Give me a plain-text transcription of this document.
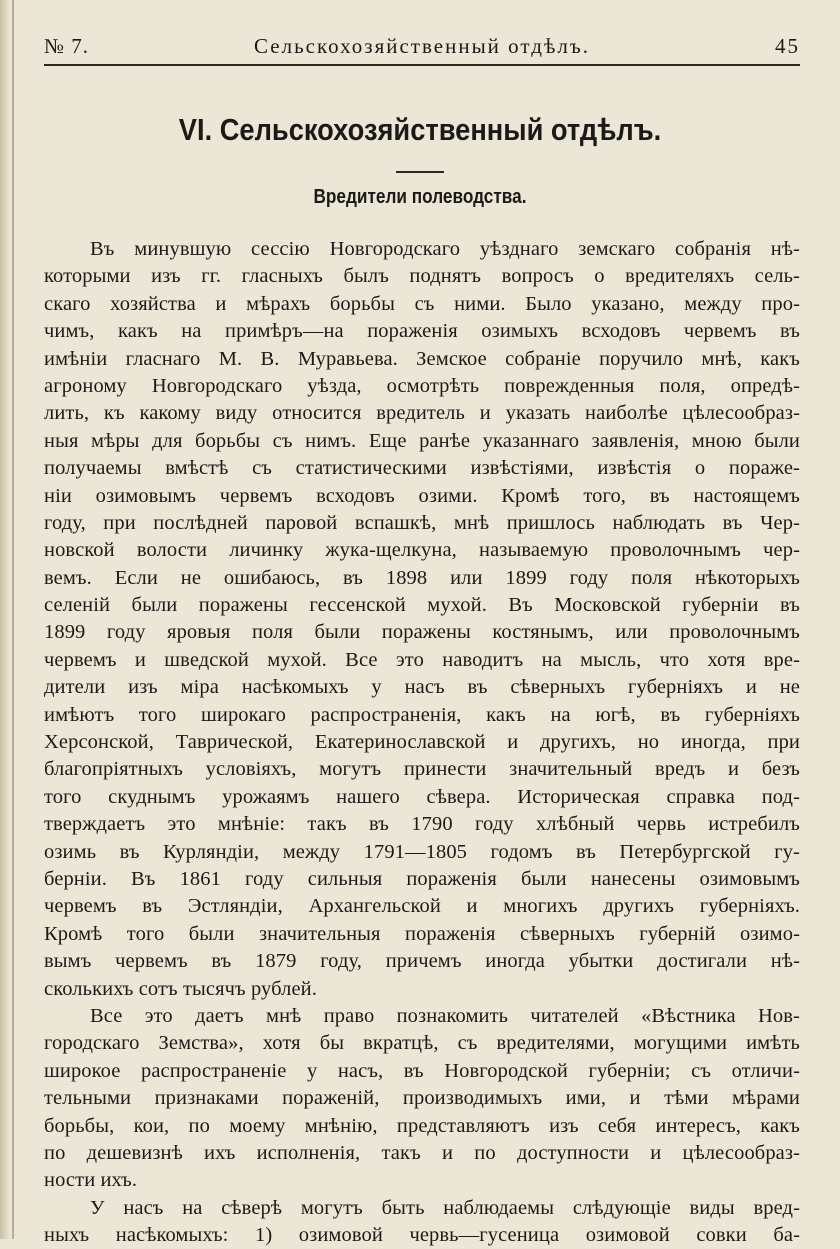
№ 7.	Сельскохозяйственный отдѣлъ.	45
VI. Сельскохозяйственный отдѣлъ.
Вредители полеводства.
Въ минувшую сессію Новгородскаго уѣзднаго земскаго собранія нѣ-
которыми изъ гг. гласныхъ былъ поднятъ вопросъ о вредителяхъ сель-
скаго хозяйства и мѣрахъ борьбы съ ними. Было указано, между про-
чимъ, какъ на примѣръ—на пораженія озимыхъ всходовъ червемъ въ
имѣніи гласнаго М. В. Муравьева. Земское собраніе поручило мнѣ, какъ
агроному Новгородскаго уѣзда, осмотрѣть поврежденныя поля, опредѣ-
лить, къ какому виду относится вредитель и указать наиболѣе цѣлесообраз-
ныя мѣры для борьбы съ нимъ. Еще ранѣе указаннаго заявленія, мною были
получаемы вмѣстѣ съ статистическими извѣстіями, извѣстія о пораже-
ніи озимовымъ червемъ всходовъ озими. Кромѣ того, въ настоящемъ
году, при послѣдней паровой вспашкѣ, мнѣ пришлось наблюдать въ Чер-
новской волости личинку жука-щелкуна, называемую проволочнымъ чер-
вемъ. Если не ошибаюсь, въ 1898 или 1899 году поля нѣкоторыхъ
селеній были поражены гессенской мухой. Въ Московской губерніи въ
1899 году яровыя поля были поражены костянымъ, или проволочнымъ
червемъ и шведской мухой. Все это наводитъ на мысль, что хотя вре-
дители изъ міра насѣкомыхъ у насъ въ сѣверныхъ губерніяхъ и не
имѣютъ того широкаго распространенія, какъ на югѣ, въ губерніяхъ
Херсонской, Таврической, Екатеринославской и другихъ, но иногда, при
благопріятныхъ условіяхъ, могутъ принести значительный вредъ и безъ
того скуднымъ урожаямъ нашего сѣвера. Историческая справка под-
тверждаетъ это мнѣніе: такъ въ 1790 году хлѣбный червь истребилъ
озимь въ Курляндіи, между 1791—1805 годомъ въ Петербургской гу-
берніи. Въ 1861 году сильныя пораженія были нанесены озимовымъ
червемъ въ Эстляндіи, Архангельской и многихъ другихъ губерніяхъ.
Кромѣ того были значительныя пораженія сѣверныхъ губерній озимо-
вымъ червемъ въ 1879 году, причемъ иногда убытки достигали нѣ-
сколькихъ сотъ тысячъ рублей.
Все это даетъ мнѣ право познакомить читателей «Вѣстника Нов-
городскаго Земства», хотя бы вкратцѣ, съ вредителями, могущими имѣть
широкое распространеніе у насъ, въ Новгородской губерніи; съ отличи-
тельными признаками пораженій, производимыхъ ими, и тѣми мѣрами
борьбы, кои, по моему мнѣнію, представляютъ изъ себя интересъ, какъ
по дешевизнѣ ихъ исполненія, такъ и по доступности и цѣлесообраз-
ности ихъ.
У насъ на сѣверѣ могутъ быть наблюдаемы слѣдующіе виды вред-
ныхъ насѣкомыхъ: 1) озимовой червь—гусеница озимовой совки ба-
